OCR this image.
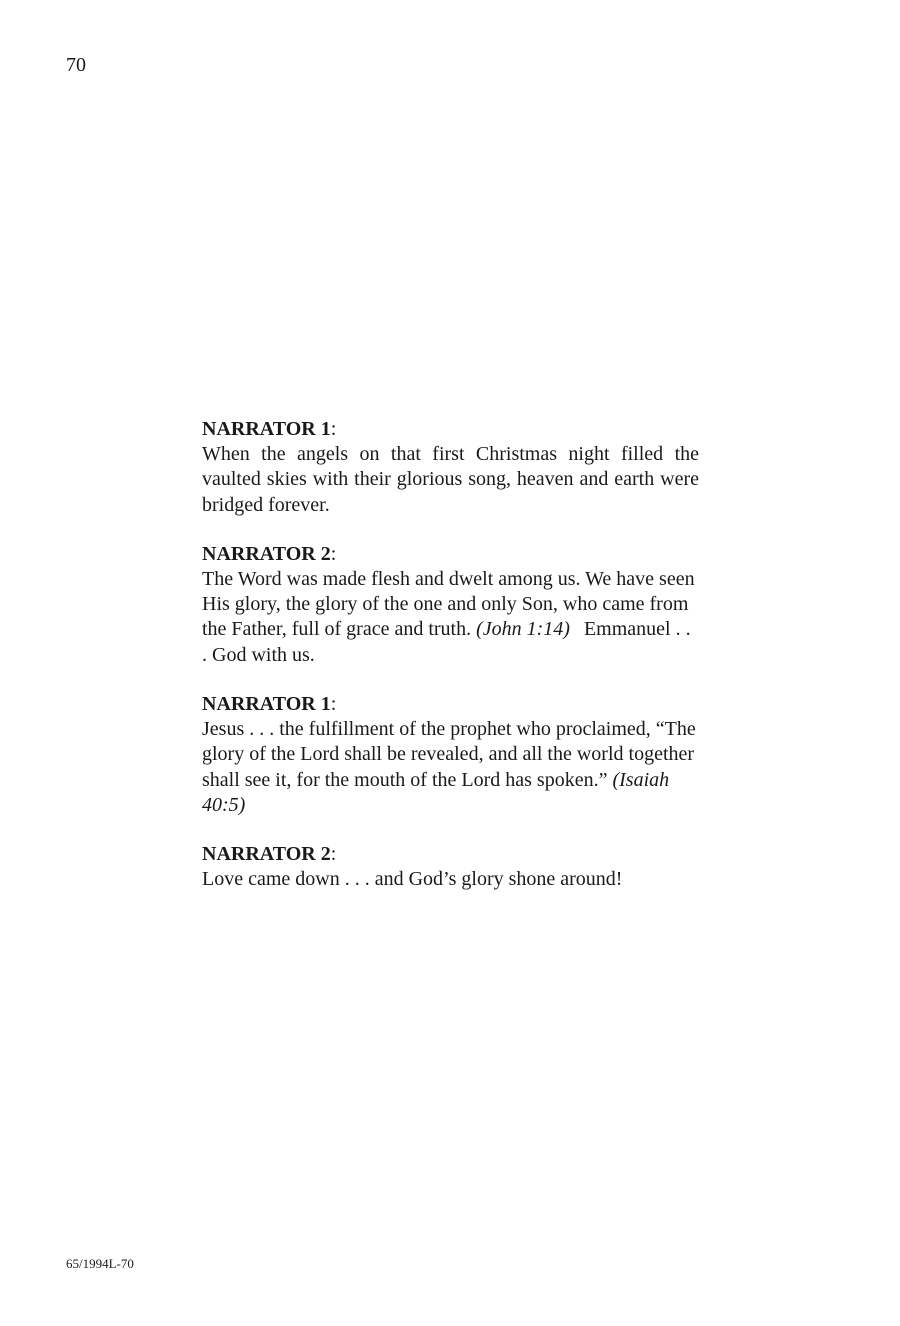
70
NARRATOR 1:

When the angels on that first Christmas night filled the vaulted skies with their glorious song, heaven and earth were bridged forever.

NARRATOR 2:

The Word was made flesh and dwelt among us. We have seen His glory, the glory of the one and only Son, who came from the Father, full of grace and truth. (John 1:14) Emmanuel . . . God with us.

NARRATOR 1:

Jesus . . . the fulfillment of the prophet who proclaimed, “The glory of the Lord shall be revealed, and all the world together shall see it, for the mouth of the Lord has spoken.” (Isaiah 40:5)

NARRATOR 2:

Love came down . . . and God’s glory shone around!

65/1994L-70
